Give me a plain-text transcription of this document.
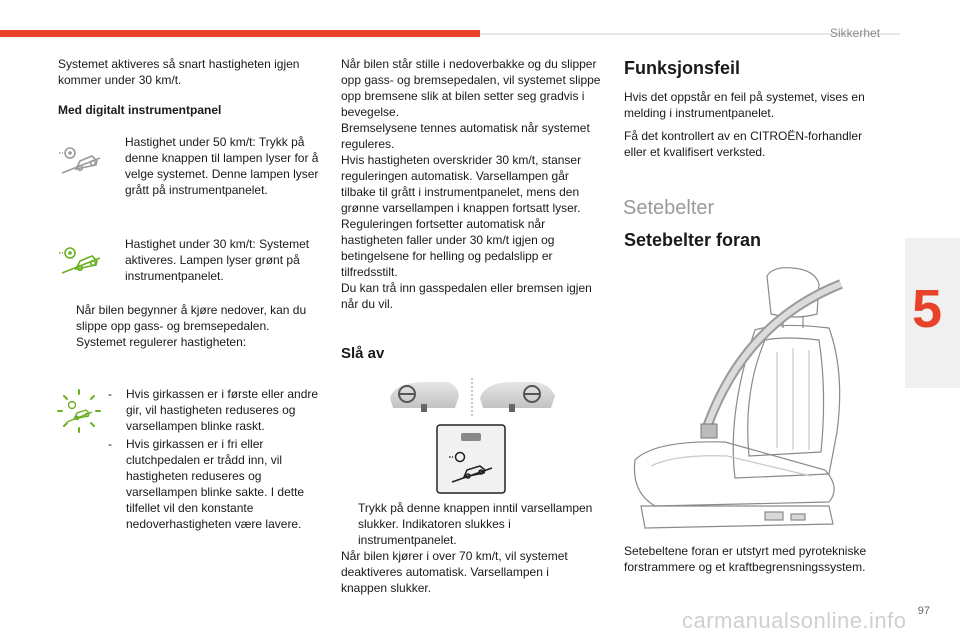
Sikkerhet
5
Systemet aktiveres så snart hastigheten igjen kommer under 30 km/t.
Med digitalt instrumentpanel
Hastighet under 50 km/t: Trykk på denne knappen til lampen lyser for å velge systemet. Denne lampen lyser grått på instrumentpanelet.
Hastighet under 30 km/t: Systemet aktiveres. Lampen lyser grønt på instrumentpanelet.
Når bilen begynner å kjøre nedover, kan du slippe opp gass- og bremsepedalen. Systemet regulerer hastigheten:
- Hvis girkassen er i første eller andre gir, vil hastigheten reduseres og varsellampen blinke raskt.
- Hvis girkassen er i fri eller clutchpedalen er trådd inn, vil hastigheten reduseres og varsellampen blinke sakte. I dette tilfellet vil den konstante nedoverhastigheten være lavere.

Når bilen står stille i nedoverbakke og du slipper opp gass- og bremsepedalen, vil systemet slippe opp bremsene slik at bilen setter seg gradvis i bevegelse.

Bremselysene tennes automatisk når systemet reguleres.

Hvis hastigheten overskrider 30 km/t, stanser reguleringen automatisk. Varsellampen går tilbake til grått i instrumentpanelet, mens den grønne varsellampen i knappen fortsatt lyser.

Reguleringen fortsetter automatisk når hastigheten faller under 30 km/t igjen og betingelsene for helling og pedalslipp er tilfredsstilt.

Du kan trå inn gasspedalen eller bremsen igjen når du vil.

Slå av
Trykk på denne knappen inntil varsellampen slukker. Indikatoren slukkes i instrumentpanelet.
Når bilen kjører i over 70 km/t, vil systemet deaktiveres automatisk. Varsellampen i knappen slukker.
Funksjonsfeil
Hvis det oppstår en feil på systemet, vises en melding i instrumentpanelet.
Få det kontrollert av en CITROËN-forhandler eller et kvalifisert verksted.
Setebelter
Setebelter foran
Setebeltene foran er utstyrt med pyrotekniske forstrammere og et kraftbegrensningssystem.
carmanualsonline.info 97
